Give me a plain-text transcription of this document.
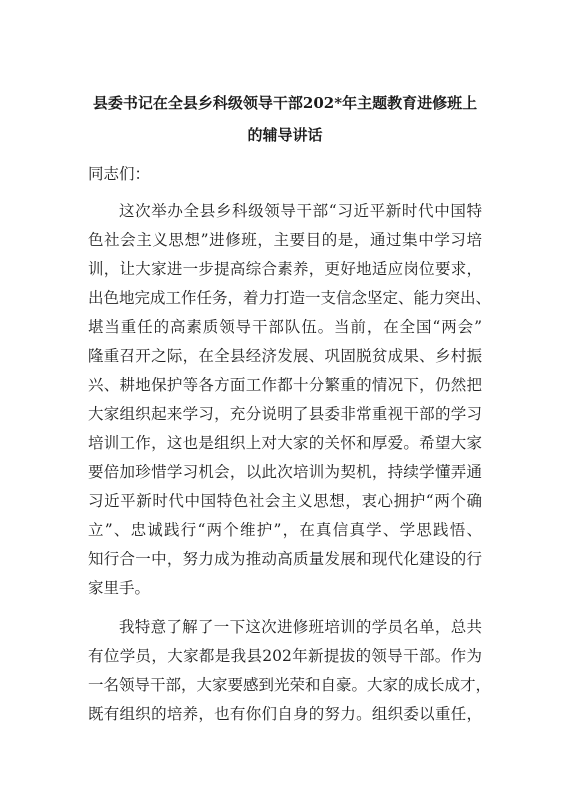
县委书记在全县乡科级领导干部202*年主题教育进修班上
的辅导讲话
同志们：
这次举办全县乡科级领导干部“习近平新时代中国特
色社会主义思想”进修班，主要目的是，通过集中学习培
训，让大家进一步提高综合素养，更好地适应岗位要求，
出色地完成工作任务，着力打造一支信念坚定、能力突出、
堪当重任的高素质领导干部队伍。当前，在全国“两会”
隆重召开之际，在全县经济发展、巩固脱贫成果、乡村振
兴、耕地保护等各方面工作都十分繁重的情况下，仍然把
大家组织起来学习，充分说明了县委非常重视干部的学习
培训工作，这也是组织上对大家的关怀和厚爱。希望大家
要倍加珍惜学习机会，以此次培训为契机，持续学懂弄通
习近平新时代中国特色社会主义思想，衷心拥护“两个确
立”、忠诚践行“两个维护”，在真信真学、学思践悟、
知行合一中，努力成为推动高质量发展和现代化建设的行
家里手。
我特意了解了一下这次进修班培训的学员名单，总共
有位学员，大家都是我县202年新提拔的领导干部。作为
一名领导干部，大家要感到光荣和自豪。大家的成长成才，
既有组织的培养，也有你们自身的努力。组织委以重任，
